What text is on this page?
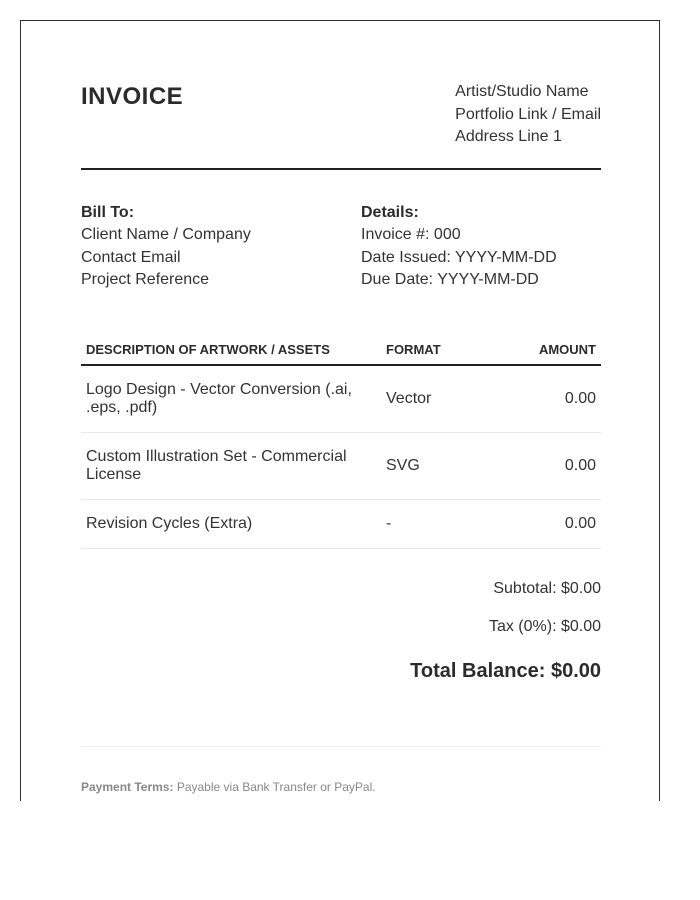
INVOICE	Artist/Studio Name
Portfolio Link / Email
Address Line 1
Bill To:
Client Name / Company
Contact Email
Project Reference
Details:
Invoice #: 000
Date Issued: YYYY-MM-DD
Due Date: YYYY-MM-DD
DESCRIPTION OF ARTWORK / ASSETS	FORMAT	AMOUNT
Logo Design - Vector Conversion (.ai, .eps, .pdf)	Vector	0.00
Custom Illustration Set - Commercial License	SVG	0.00
Revision Cycles (Extra)	-	0.00
Subtotal: $0.00
Tax (0%): $0.00
Total Balance: $0.00
Payment Terms: Payable via Bank Transfer or PayPal.
